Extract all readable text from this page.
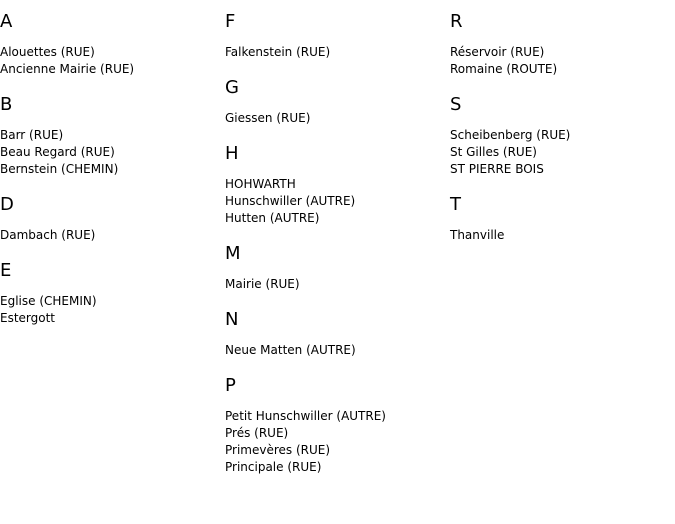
A
Alouettes (RUE)
Ancienne Mairie (RUE)
B
Barr (RUE)
Beau Regard (RUE)
Bernstein (CHEMIN)
D
Dambach (RUE)
E
Eglise (CHEMIN)
Estergott
F
Falkenstein (RUE)
G
Giessen (RUE)
H
HOHWARTH
Hunschwiller (AUTRE)
Hutten (AUTRE)
M
Mairie (RUE)
N
Neue Matten (AUTRE)
P
Petit Hunschwiller (AUTRE)
Prés (RUE)
Primevères (RUE)
Principale (RUE)
R
Réservoir (RUE)
Romaine (ROUTE)
S
Scheibenberg (RUE)
St Gilles (RUE)
ST PIERRE BOIS
T
Thanville
